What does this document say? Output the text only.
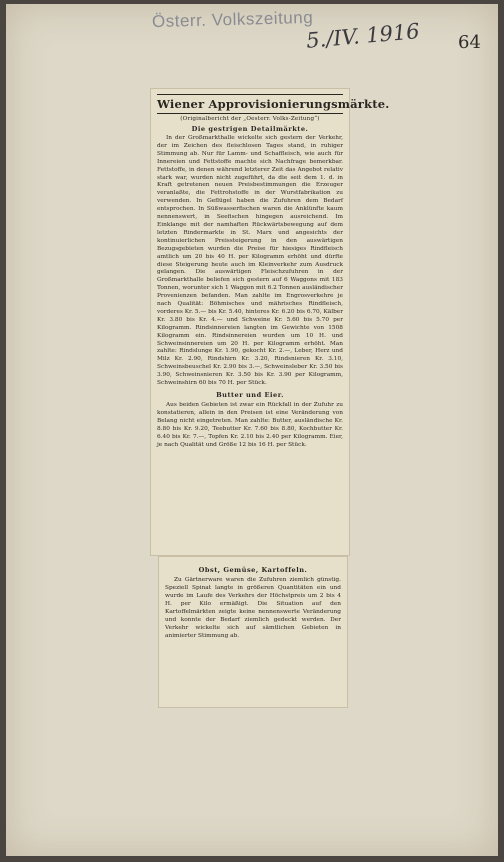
Österr. Volkszeitung
5./IV. 1916 64
Wiener Approvisionierungsmärkte.
(Originalbericht der „Oesterr. Volks-Zeitung“)
Die gestrigen Detailmärkte.

In der Großmarkthalle wickelte sich gestern der Verkehr, der im Zeichen des fleischlosen Tages stand, in ruhiger Stimmung ab. Nur für Lamm- und Schaffleisch, wie auch für Innereien und Fettstoffe machte sich Nachfrage bemerkbar. Fettstoffe, in denen während letzterer Zeit das Angebot relativ stark war, wurden nicht zugeführt, da die seit dem 1. d. in Kraft getretenen neuen Preisbestimmungen die Erzeuger veranlaßte, die Fettrohstoffe in der Wurstfabrikation zu verwenden. In Geflügel haben die Zufuhren dem Bedarf entsprochen. In Süßwasserfischen waren die Anklünfte kaum nennenswert, in Seefischen hingegen ausreichend. Im Einklange mit der namhaften Rückwärtsbewegung auf dem letzten Rindermarkte in St. Marx und angesichts der kontinuierlichen Preissteigerung in den auswärtigen Bezugsgebieten wurden die Preise für hiesiges Rindfleisch amtlich um 20 bis 40 H. per Kilogramm erhöht und dürfte diese Steigerung heute auch im Kleinverkehr zum Ausdruck gelangen. Die auswärtigen Fleischzufuhren in der Großmarkthalle beliefen sich gestern auf 6 Waggons mit 183 Tonnen, worunter sich 1 Waggon mit 6.2 Tonnen ausländischer Provenienzen befanden. Man zahlte im Engrosverkehre je nach Qualität: Böhmisches und mährisches Rindfleisch, vorderes Kr. 5.— bis Kr. 5.40, hinteres Kr. 6.20 bis 6.70, Kälber Kr. 3.80 bis Kr. 4.— und Schweine Kr. 5.60 bis 5.70 per Kilogramm. Rindsinnereien langten im Gewichte von 1508 Kilogramm ein. Rindsinnereien wurden um 10 H. und Schweinsinnereien um 20 H. per Kilogramm erhöht. Man zahlte: Rindslunge Kr. 1.90, gekocht Kr. 2.—, Leber, Herz und Milz Kr. 2.90, Rindshirn Kr. 3.20, Rindsnieren Kr. 3.10, Schweinsbeuschel Kr. 2.90 bis 3.—, Schweinsleber Kr. 3.50 bis 3.90, Schweinsnieren Kr. 3.50 bis Kr. 3.90 per Kilogramm, Schweinshirn 60 bis 70 H. per Stück.

Butter und Eier.

Aus beiden Gebieten ist zwar ein Rückfall in der Zufuhr zu konstatieren, allein in den Preisen ist eine Veränderung von Belang nicht eingetreten. Man zahlte: Butter, ausländische Kr. 8.80 bis Kr. 9.20, Teebutter Kr. 7.60 bis 8.80, Kochbutter Kr. 6.40 bis Kr. 7.—, Topfen Kr. 2.10 bis 2.40 per Kilogramm. Eier, je nach Qualität und Größe 12 bis 16 H. per Stück.

Obst, Gemüse, Kartoffeln.

Zu Gärtnerware waren die Zufuhren ziemlich günstig. Speziell Spinat langte in größeren Quantitäten ein und wurde im Laufe des Verkehrs der Höchstpreis um 2 bis 4 H. per Kilo ermäßigt. Die Situation auf den Kartoffelmärkten zeigte keine nennenswerte Veränderung und konnte der Bedarf ziemlich gedeckt werden. Der Verkehr wickelte sich auf sämtlichen Gebieten in animierter Stimmung ab.
